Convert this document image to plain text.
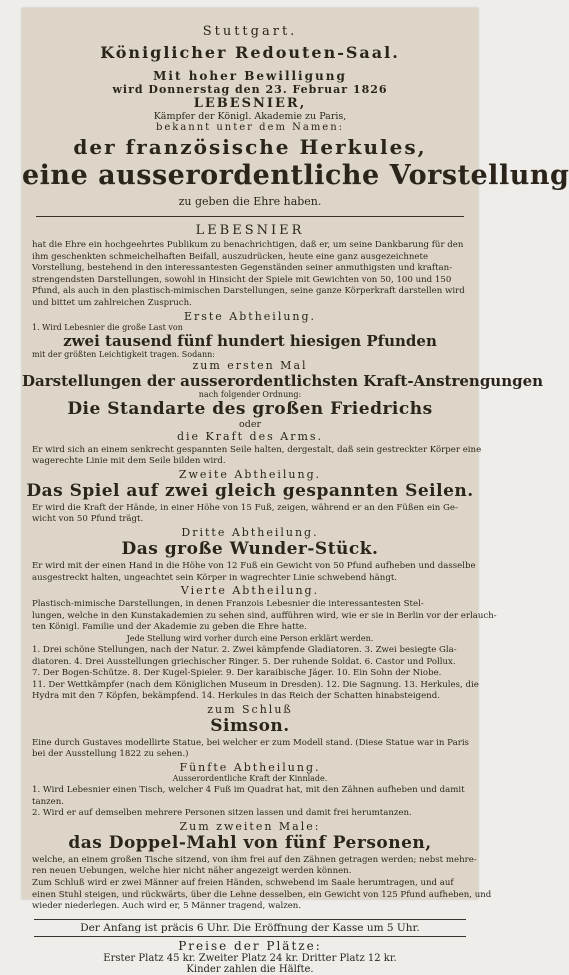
Stuttgart.

Königlicher Redouten-Saal.

Mit hoher Bewilligung

wird Donnerstag den 23. Februar 1826

LEBESNIER,

Kämpfer der Königl. Akademie zu Paris,

bekannt unter dem Namen:

der französische Herkules,

eine ausserordentliche Vorstellung

zu geben die Ehre haben.

LEBESNIER

hat die Ehre ein hochgeehrtes Publikum zu benachrichtigen, daß er, um seine Dankbarung für den
ihm geschenkten schmeichelhaften Beifall, auszudrücken, heute eine ganz ausgezeichnete
Vorstellung, bestehend in den interessantesten Gegenständen seiner anmuthigsten und kraftan-
strengendsten Darstellungen, sowohl in Hinsicht der Spiele mit Gewichten von 50, 100 und 150
Pfund, als auch in den plastisch-mimischen Darstellungen, seine ganze Körperkraft darstellen wird
und bittet um zahlreichen Zuspruch.

Erste Abtheilung.

1. Wird Lebesnier die große Last von

zwei tausend fünf hundert hiesigen Pfunden

mit der größten Leichtigkeit tragen. Sodann:

zum ersten Mal

Darstellungen der ausserordentlichsten Kraft-Anstrengungen

nach folgender Ordnung:

Die Standarte des großen Friedrichs

oder

die Kraft des Arms.

Er wird sich an einem senkrecht gespannten Seile halten, dergestalt, daß sein gestreckter Körper eine
wagerechte Linie mit dem Seile bilden wird.

Zweite Abtheilung.

Das Spiel auf zwei gleich gespannten Seilen.

Er wird die Kraft der Hände, in einer Höhe von 15 Fuß, zeigen, während er an den Füßen ein Ge-
wicht von 50 Pfund trägt.

Dritte Abtheilung.

Das große Wunder-Stück.

Er wird mit der einen Hand in die Höhe von 12 Fuß ein Gewicht von 50 Pfund aufheben und dasselbe
ausgestreckt halten, ungeachtet sein Körper in wagrechter Linie schwebend hängt.

Vierte Abtheilung.

Plastisch-mimische Darstellungen, in denen Franzois Lebesnier die interessantesten Stel-
lungen, welche in den Kunstakademien zu sehen sind, aufführen wird, wie er sie in Berlin vor der erlauch-
ten Königl. Familie und der Akademie zu geben die Ehre hatte.

Jede Stellung wird vorher durch eine Person erklärt werden.

1. Drei schöne Stellungen, nach der Natur. 2. Zwei kämpfende Gladiatoren. 3. Zwei besiegte Gla-
diatoren. 4. Drei Ausstellungen griechischer Ringer. 5. Der ruhende Soldat. 6. Castor und Pollux.
7. Der Bogen-Schütze. 8. Der Kugel-Spieler. 9. Der karaibische Jäger. 10. Ein Sohn der Niobe.
11. Der Wettkämpfer (nach dem Königlichen Museum in Dresden). 12. Die Sagnung. 13. Herkules, die
Hydra mit den 7 Köpfen, bekämpfend. 14. Herkules in das Reich der Schatten hinabsteigend.

zum Schluß

Simson.

Eine durch Gustaves modellirte Statue, bei welcher er zum Modell stand. (Diese Statue war in Paris
bei der Ausstellung 1822 zu sehen.)

Fünfte Abtheilung.

Ausserordentliche Kraft der Kinnlade.

1. Wird Lebesnier einen Tisch, welcher 4 Fuß im Quadrat hat, mit den Zähnen aufheben und damit
tanzen.
2. Wird er auf demselben mehrere Personen sitzen lassen und damit frei herumtanzen.

Zum zweiten Male:

das Doppel-Mahl von fünf Personen,

welche, an einem großen Tische sitzend, von ihm frei auf den Zähnen getragen werden; nebst mehre-
ren neuen Uebungen, welche hier nicht näher angezeigt werden können.
Zum Schluß wird er zwei Männer auf freien Händen, schwebend im Saale herumtragen, und auf
einen Stuhl steigen, und rückwärts, über die Lehne desselben, ein Gewicht von 125 Pfund aufheben, und
wieder niederlegen. Auch wird er, 5 Männer tragend, walzen.

Der Anfang ist präcis 6 Uhr. Die Eröffnung der Kasse um 5 Uhr.

Preise der Plätze:

Erster Platz 45 kr. Zweiter Platz 24 kr. Dritter Platz 12 kr.

Kinder zahlen die Hälfte.
